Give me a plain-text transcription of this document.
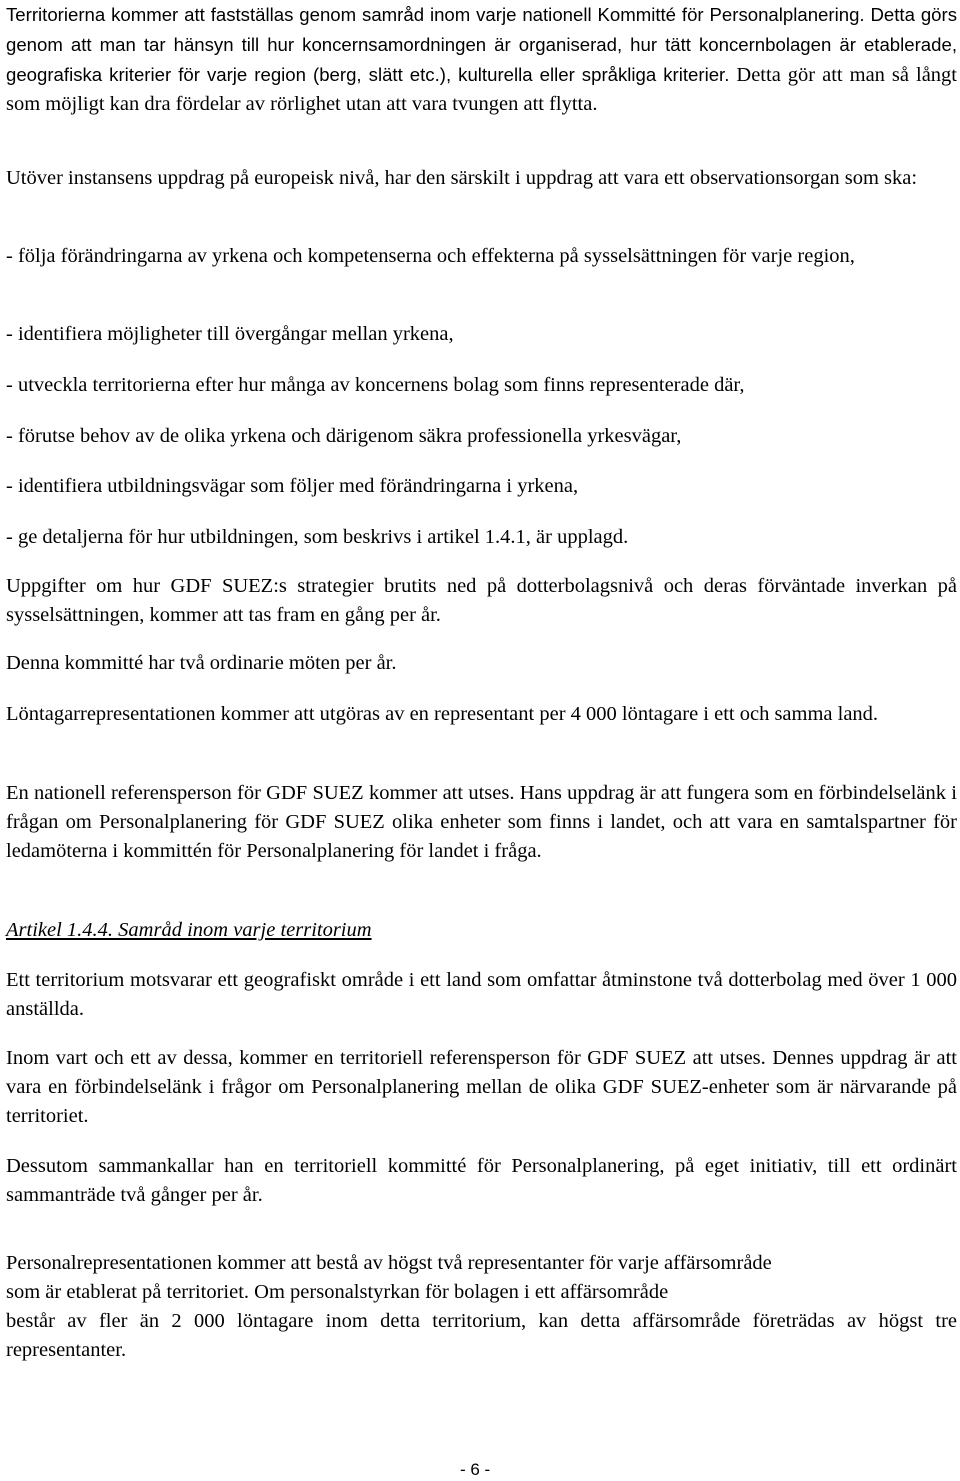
Territorierna kommer att fastställas genom samråd inom varje nationell Kommitté för Personalplanering. Detta görs genom att man tar hänsyn till hur koncernsamordningen är organiserad, hur tätt koncernbolagen är etablerade, geografiska kriterier för varje region (berg, slätt etc.), kulturella eller språkliga kriterier. Detta gör att man så långt som möjligt kan dra fördelar av rörlighet utan att vara tvungen att flytta.

Utöver instansens uppdrag på europeisk nivå, har den särskilt i uppdrag att vara ett observationsorgan som ska:

- följa förändringarna av yrkena och kompetenserna och effekterna på sysselsättningen för varje region,

- identifiera möjligheter till övergångar mellan yrkena,

- utveckla territorierna efter hur många av koncernens bolag som finns representerade där,

- förutse behov av de olika yrkena och därigenom säkra professionella yrkesvägar,

- identifiera utbildningsvägar som följer med förändringarna i yrkena,

- ge detaljerna för hur utbildningen, som beskrivs i artikel 1.4.1, är upplagd.

Uppgifter om hur GDF SUEZ:s strategier brutits ned på dotterbolagsnivå och deras förväntade inverkan på sysselsättningen, kommer att tas fram en gång per år.

Denna kommitté har två ordinarie möten per år.

Löntagarrepresentationen kommer att utgöras av en representant per 4 000 löntagare i ett och samma land.

En nationell referensperson för GDF SUEZ kommer att utses. Hans uppdrag är att fungera som en förbindelselänk i frågan om Personalplanering för GDF SUEZ olika enheter som finns i landet, och att vara en samtalspartner för ledamöterna i kommittén för Personalplanering för landet i fråga.

Artikel 1.4.4. Samråd inom varje territorium

Ett territorium motsvarar ett geografiskt område i ett land som omfattar åtminstone två dotterbolag med över 1 000 anställda.

Inom vart och ett av dessa, kommer en territoriell referensperson för GDF SUEZ att utses. Dennes uppdrag är att vara en förbindelselänk i frågor om Personalplanering mellan de olika GDF SUEZ-enheter som är närvarande på territoriet.

Dessutom sammankallar han en territoriell kommitté för Personalplanering, på eget initiativ, till ett ordinärt sammanträde två gånger per år.

Personalrepresentationen kommer att bestå av högst två representanter för varje affärsområde
som är etablerat på territoriet. Om personalstyrkan för bolagen i ett affärsområde
består av fler än 2 000 löntagare inom detta territorium, kan detta affärsområde företrädas av högst tre representanter.

- 6 -
